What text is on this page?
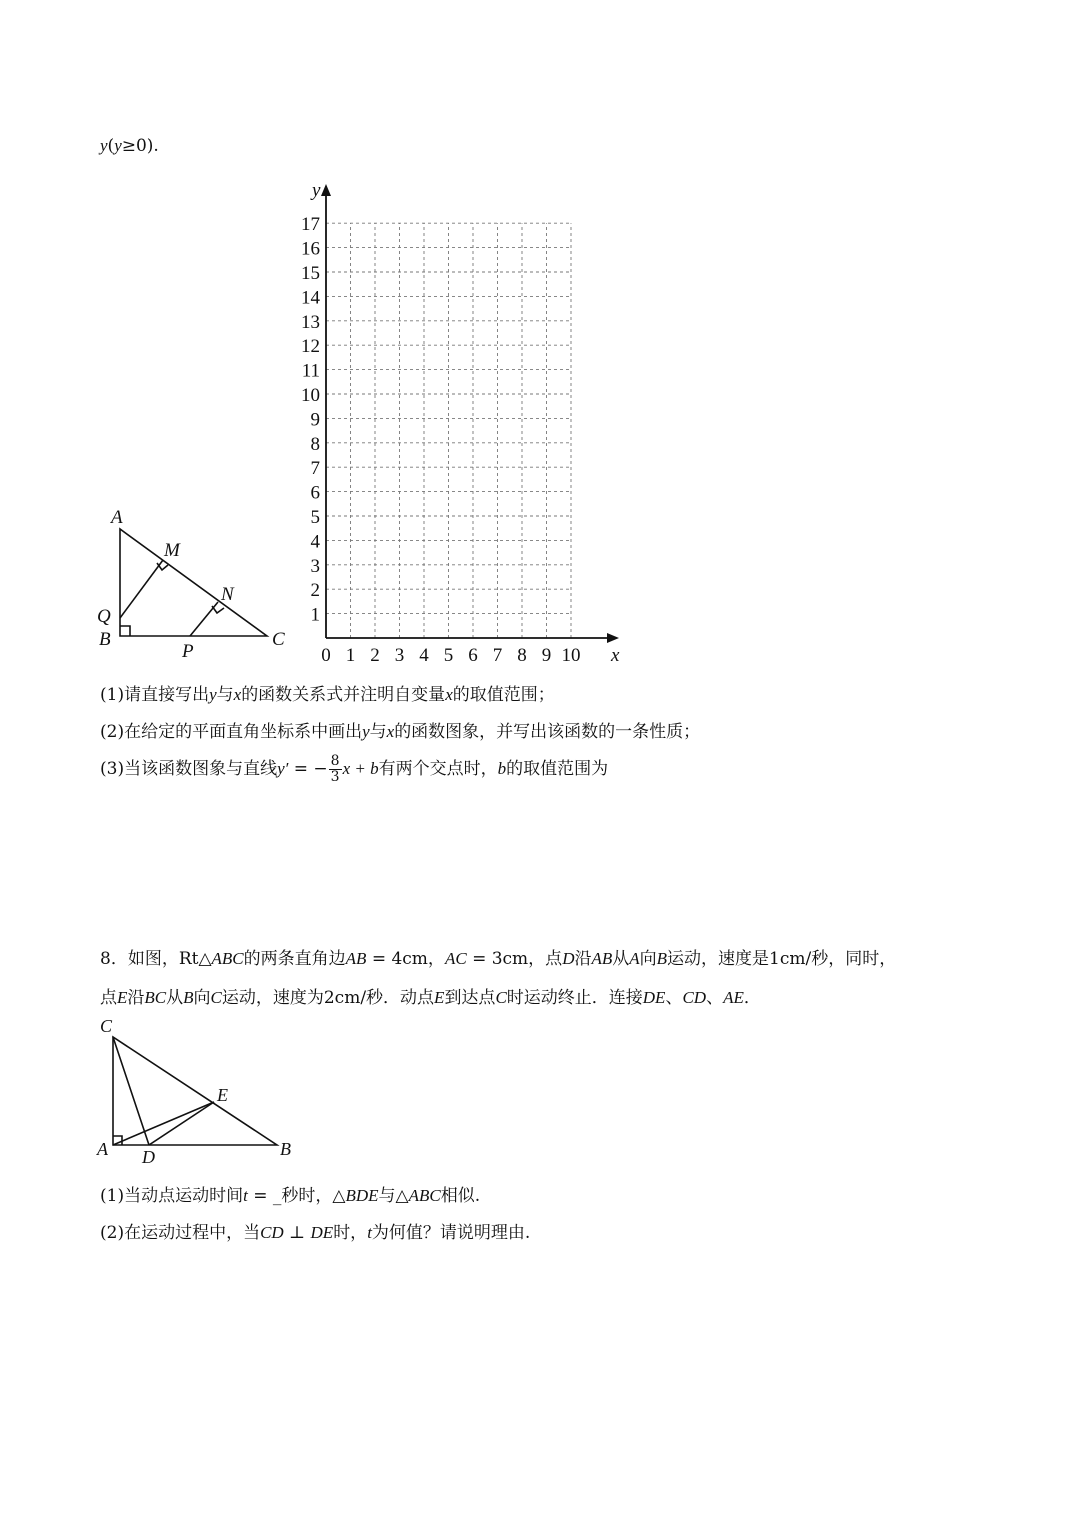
y(y≥0).
y
x
1
2
3
4
5
6
7
8
9
10
11
12
13
14
15
16
17
0 1 2 3 4 5 6 7 8 9 10
A
M
N
Q
B
P
C
(1)请直接写出y与x的函数关系式并注明自变量x的取值范围；
(2)在给定的平面直角坐标系中画出y与x的函数图象，并写出该函数的一条性质；
(3)当该函数图象与直线y′ = − $\frac{8}{3}$ x + b有两个交点时，b的取值范围为
8．如图，Rt△ABC的两条直角边AB = 4cm，AC = 3cm，点D沿AB从A向B运动，速度是1cm/秒，同时，
点E沿BC从B向C运动，速度为2cm/秒．动点E到达点C时运动终止．连接DE、CD、AE．
C
E
A D	B
(1)当动点运动时间t = _秒时，△BDE与△ABC相似.
(2)在运动过程中，当CD ⊥ DE时，t为何值？请说明理由.
